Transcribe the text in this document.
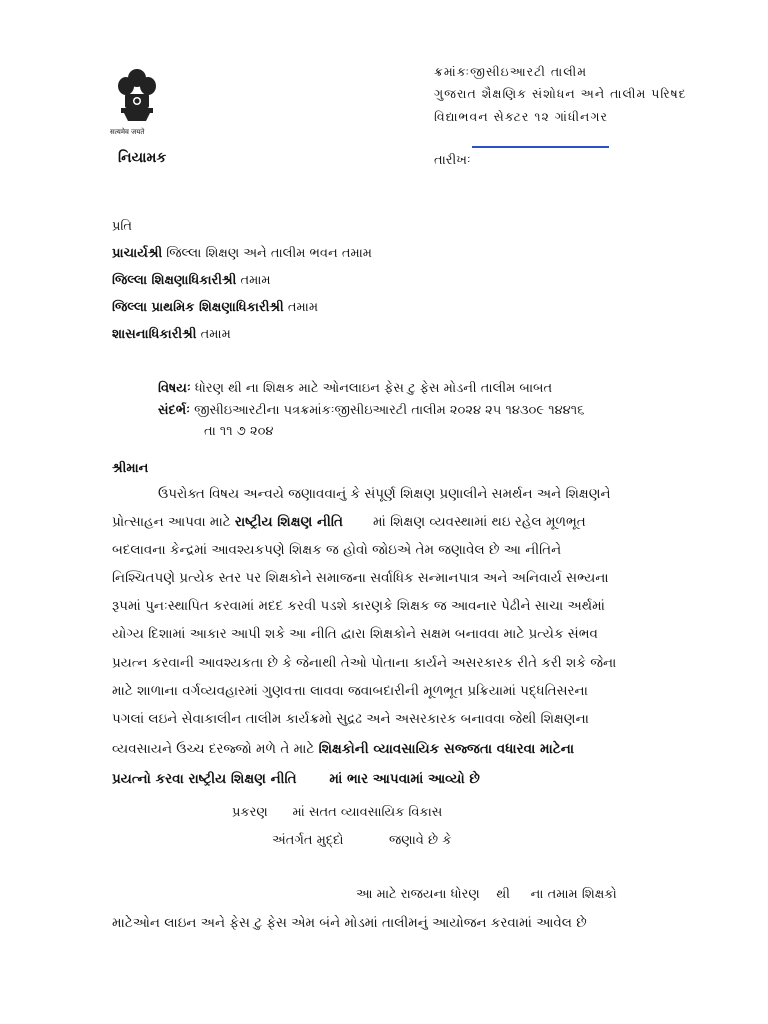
सत्यमेव जयते
નિયામક
ક્રમાંકઃજીસીઇઆરટી તાલીમ
ગુજરાત શૈક્ષણિક સંશોધન અને તાલીમ પરિષદ
વિદ્યાભવન સેક્ટર ૧૨ ગાંધીનગર
તારીખઃ
પ્રતિ
પ્રાચાર્યશ્રી જિલ્લા શિક્ષણ અને તાલીમ ભવન તમામ
જિલ્લા શિક્ષણાધિકારીશ્રી તમામ
જિલ્લા પ્રાથમિક શિક્ષણાધિકારીશ્રી તમામ
શાસનાધિકારીશ્રી તમામ
વિષયઃ ધોરણ થી ના શિક્ષક માટે ઓનલાઇન ફેસ ટુ ફેસ મોડની તાલીમ બાબત
સંદર્ભઃ જીસીઇઆરટીના પત્રક્રમાંકઃજીસીઇઆરટી તાલીમ ૨૦૨૪ ૨૫ ૧૪૩૦૯ ૧૪૪૧૬
તા ૧૧ ૭ ૨૦૪
શ્રીમાન
ઉપરોક્ત વિષય અન્વયે જણાવવાનું કે સંપૂર્ણ શિક્ષણ પ્રણાલીને સમર્થન અને શિક્ષણને
પ્રોત્સાહન આપવા માટે રાષ્ટ્રીય શિક્ષણ નીતિ       માં શિક્ષણ વ્યવસ્થામાં થઇ રહેલ મૂળભૂત
બદલાવના કેન્દ્રમાં આવશ્યકપણે શિક્ષક જ હોવો જોઇએ તેમ જણાવેલ છે આ નીતિને
નિશ્ચિતપણે પ્રત્યેક સ્તર પર શિક્ષકોને સમાજના સર્વાધિક સન્માનપાત્ર અને અનિવાર્ય સભ્યના
રૂપમાં પુનઃસ્થાપિત કરવામાં મદદ કરવી પડશે કારણકે શિક્ષક જ આવનાર પેઢીને સાચા અર્થમાં
યોગ્ય દિશામાં આકાર આપી શકે આ નીતિ દ્વારા શિક્ષકોને સક્ષમ બનાવવા માટે પ્રત્યેક સંભવ
પ્રયત્ન કરવાની આવશ્યકતા છે કે જેનાથી તેઓ પોતાના કાર્યને અસરકારક રીતે કરી શકે જેના
માટે શાળાના વર્ગવ્યવહારમાં ગુણવત્તા લાવવા જવાબદારીની મૂળભૂત પ્રક્રિયામાં પદ્ધતિસરના
પગલાં લઇને સેવાકાલીન તાલીમ કાર્યક્રમો સુદ્રઢ અને અસરકારક બનાવવા જેથી શિક્ષણના
વ્યવસાયને ઉચ્ચ દરજ્જો મળે તે માટે શિક્ષકોની વ્યાવસાયિક સજ્જતા વધારવા માટેના
પ્રયત્નો કરવા રાષ્ટ્રીય શિક્ષણ નીતિ       માં ભાર આપવામાં આવ્યો છે
પ્રકરણ      માં સતત વ્યાવસાયિક વિકાસ
અંતર્ગત મુદ્દો           જણાવે છે કે
આ માટે રાજયના ધોરણ    થી     ના તમામ શિક્ષકો
માટેઓન લાઇન અને ફેસ ટુ ફેસ એમ બંને મોડમાં તાલીમનું આયોજન કરવામાં આવેલ છે
